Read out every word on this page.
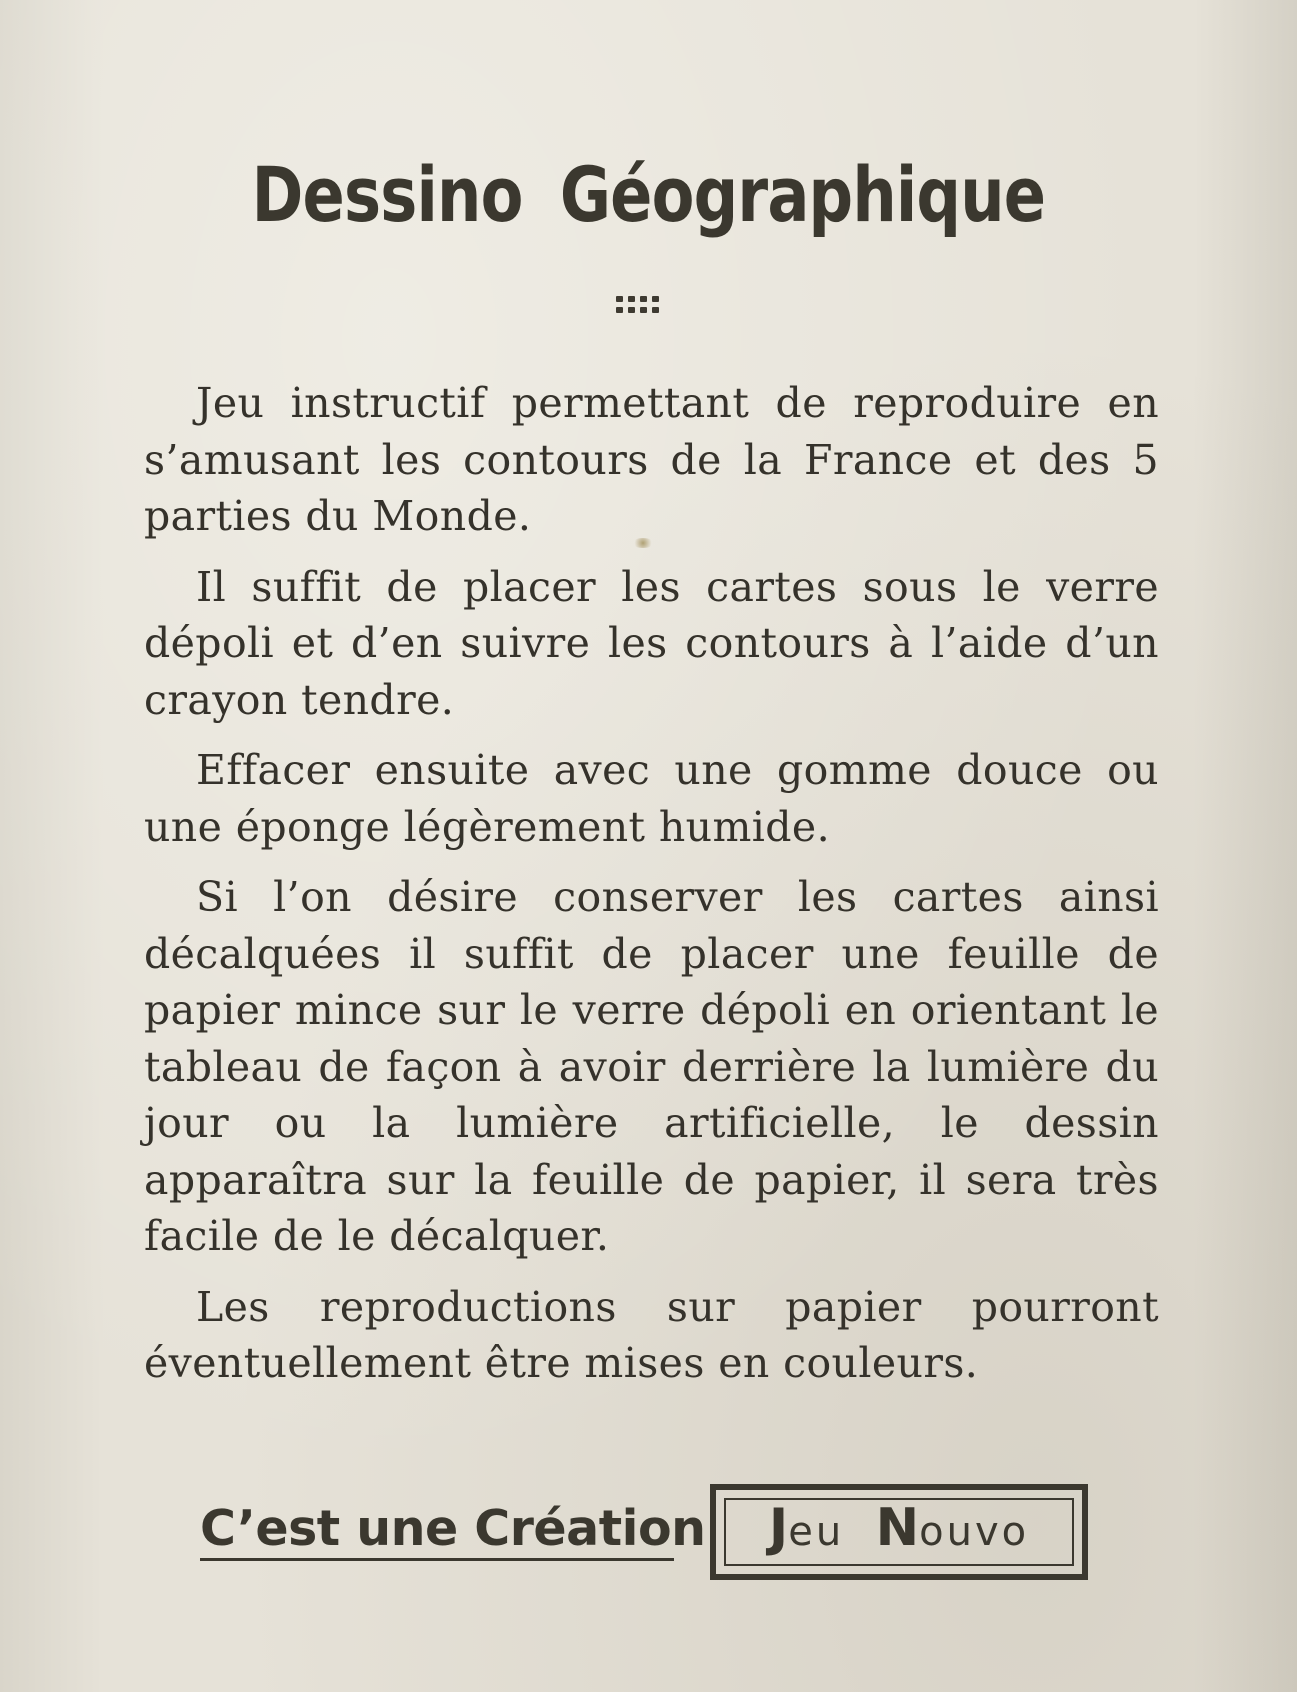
Dessino Géographique

Jeu instructif permettant de reproduire en s’amusant les contours de la France et des 5 parties du Monde.

Il suffit de placer les cartes sous le verre dépoli et d’en suivre les contours à l’aide d’un crayon tendre.

Effacer ensuite avec une gomme douce ou une éponge légèrement humide.

Si l’on désire conserver les cartes ainsi décalquées il suffit de placer une feuille de papier mince sur le verre dépoli en orientant le tableau de façon à avoir derrière la lumière du jour ou la lumière artificielle, le dessin apparaîtra sur la feuille de papier, il sera très facile de le décalquer.

Les reproductions sur papier pourront éventuellement être mises en couleurs.

C’est une Création	Jeu Nouvo
